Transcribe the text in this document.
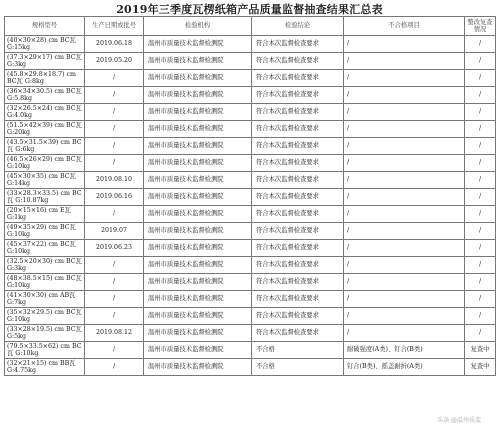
2019年三季度瓦楞纸箱产品质量监督抽查结果汇总表
规格型号	生产日期或批号	检验机构	检验结论	不合格项目	整改复查情况
(40×30×28) cm BC瓦 G:15kg	2019.06.18	温州市质量技术监督检测院	符合本次监督检查要求	/	/
(37.3×29×17) cm BC瓦 G:3kg	2019.05.20	温州市质量技术监督检测院	符合本次监督检查要求	/	/
(45.8×29.8×18.7) cm BC瓦 G:8kg	/	温州市质量技术监督检测院	符合本次监督检查要求	/	/
(36×34×30.5) cm BC瓦 G:5.8kg	/	温州市质量技术监督检测院	符合本次监督检查要求	/	/
(32×26.5×24) cm BC瓦 G:4.0kg	/	温州市质量技术监督检测院	符合本次监督检查要求	/	/
(51.5×42×39) cm BC瓦 G:20kg	/	温州市质量技术监督检测院	符合本次监督检查要求	/	/
(43.5×31.5×39) cm BC瓦 G:6kg	/	温州市质量技术监督检测院	符合本次监督检查要求	/	/
(46.5×26×29) cm BC瓦 G:10kg	/	温州市质量技术监督检测院	符合本次监督检查要求	/	/
(45×30×35) cm BC瓦 G:14kg	2019.08.10	温州市质量技术监督检测院	符合本次监督检查要求	/	/
(33×28.3×33.5) cm BC瓦 G:10.87kg	2019.06.16	温州市质量技术监督检测院	符合本次监督检查要求	/	/
(20×15×16) cm E瓦 G:1kg	/	温州市质量技术监督检测院	符合本次监督检查要求	/	/
(49×35×29) cm BC瓦 G:10kg	2019.07	温州市质量技术监督检测院	符合本次监督检查要求	/	/
(45×37×22) cm BC瓦 G:10kg	2019.06.23	温州市质量技术监督检测院	符合本次监督检查要求	/	/
(32.5×20×30) cm BC瓦 G:3kg	/	温州市质量技术监督检测院	符合本次监督检查要求	/	/
(48×38.5×15) cm BC瓦 G:10kg	/	温州市质量技术监督检测院	符合本次监督检查要求	/	/
(41×30×30) cm AB瓦 G:7kg	/	温州市质量技术监督检测院	符合本次监督检查要求	/	/
(35×32×29.5) cm BC瓦 G:10kg	/	温州市质量技术监督检测院	符合本次监督检查要求	/	/
(33×28×19.5) cm BC瓦 G:5kg	2019.08.12	温州市质量技术监督检测院	符合本次监督检查要求	/	/
(79.5×33.5×62) cm BC瓦 G:10kg	/	温州市质量技术监督检测院	不合格	耐破强度(A类)、钉合(B类)	复查中
(32×21×15) cm BB瓦 G:4.75kg	/	温州市质量技术监督检测院	不合格	钉合(B类)、摇盖耐折(A类)	复查中
头条 @温州质监
